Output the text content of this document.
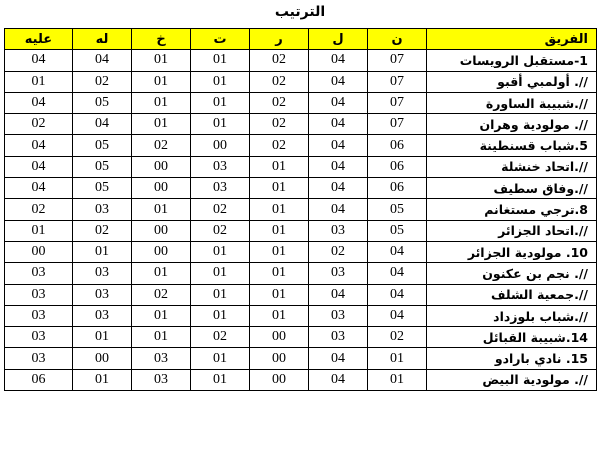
الترتيب
الفريق	ن	ل	ر	ت	خ	له	عليه
1-مستقبل الرويسات	07	04	02	01	01	04	04
//. أولمبي أقبو	07	04	02	01	01	02	01
//.شبيبة الساورة	07	04	02	01	01	05	04
//. مولودية وهران	07	04	02	01	01	04	02
5.شباب قسنطينة	06	04	02	00	02	05	04
//.اتحاد خنشلة	06	04	01	03	00	05	04
//.وفاق سطيف	06	04	01	03	00	05	04
8.ترجي مستغانم	05	04	01	02	01	03	02
//.اتحاد الجزائر	05	03	01	02	00	02	01
10. مولودية الجزائر	04	02	01	01	00	01	00
//. نجم بن عكنون	04	03	01	01	01	03	03
//.جمعية الشلف	04	04	01	01	02	03	03
//.شباب بلوزداد	04	03	01	01	01	03	03
14.شبيبة القبائل	02	03	00	02	01	01	03
15. نادي بارادو	01	04	00	01	03	00	03
//. مولودية البيض	01	04	00	01	03	01	06
